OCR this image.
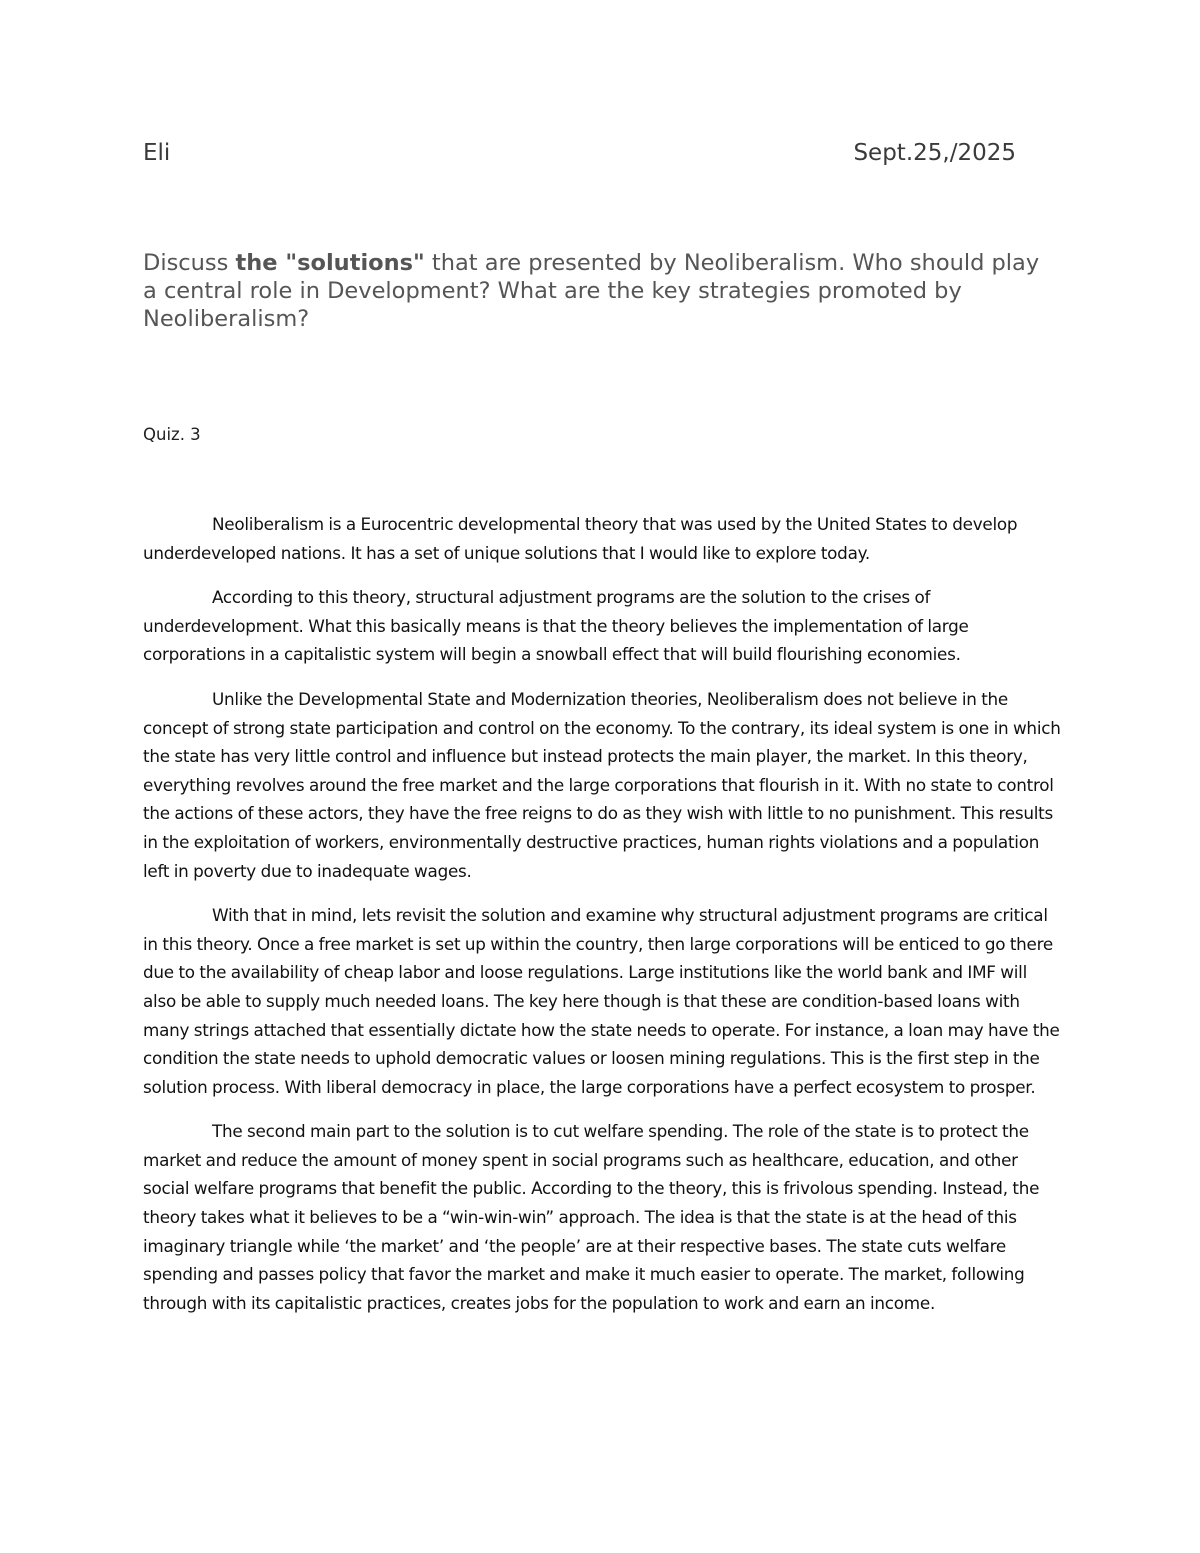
Eli	Sept.25,/2025

Discuss the "solutions" that are presented by Neoliberalism. Who should play a central role in Development? What are the key strategies promoted by Neoliberalism?

Quiz. 3

Neoliberalism is a Eurocentric developmental theory that was used by the United States to develop underdeveloped nations. It has a set of unique solutions that I would like to explore today.

According to this theory, structural adjustment programs are the solution to the crises of underdevelopment. What this basically means is that the theory believes the implementation of large corporations in a capitalistic system will begin a snowball effect that will build flourishing economies.

Unlike the Developmental State and Modernization theories, Neoliberalism does not believe in the concept of strong state participation and control on the economy. To the contrary, its ideal system is one in which the state has very little control and influence but instead protects the main player, the market. In this theory, everything revolves around the free market and the large corporations that flourish in it. With no state to control the actions of these actors, they have the free reigns to do as they wish with little to no punishment. This results in the exploitation of workers, environmentally destructive practices, human rights violations and a population left in poverty due to inadequate wages.

With that in mind, lets revisit the solution and examine why structural adjustment programs are critical in this theory. Once a free market is set up within the country, then large corporations will be enticed to go there due to the availability of cheap labor and loose regulations. Large institutions like the world bank and IMF will also be able to supply much needed loans. The key here though is that these are condition-based loans with many strings attached that essentially dictate how the state needs to operate. For instance, a loan may have the condition the state needs to uphold democratic values or loosen mining regulations. This is the first step in the solution process. With liberal democracy in place, the large corporations have a perfect ecosystem to prosper.

The second main part to the solution is to cut welfare spending. The role of the state is to protect the market and reduce the amount of money spent in social programs such as healthcare, education, and other social welfare programs that benefit the public. According to the theory, this is frivolous spending. Instead, the theory takes what it believes to be a “win-win-win” approach. The idea is that the state is at the head of this imaginary triangle while ‘the market’ and ‘the people’ are at their respective bases. The state cuts welfare spending and passes policy that favor the market and make it much easier to operate. The market, following through with its capitalistic practices, creates jobs for the population to work and earn an income.
